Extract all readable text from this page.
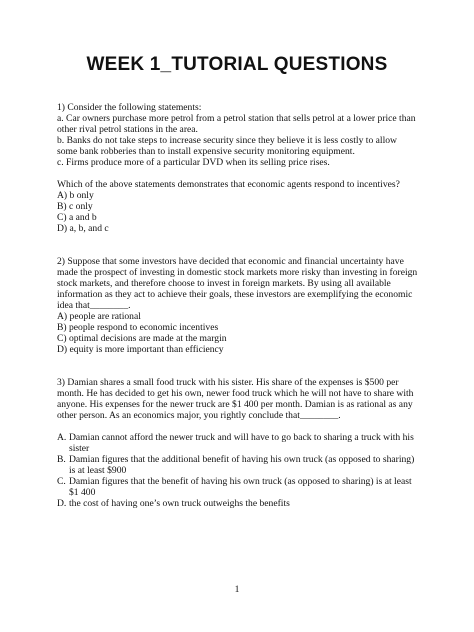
WEEK 1_TUTORIAL QUESTIONS

1) Consider the following statements:

a. Car owners purchase more petrol from a petrol station that sells petrol at a lower price than other rival petrol stations in the area.

b. Banks do not take steps to increase security since they believe it is less costly to allow some bank robberies than to install expensive security monitoring equipment.

c. Firms produce more of a particular DVD when its selling price rises.

Which of the above statements demonstrates that economic agents respond to incentives?

A) b only

B) c only

C) a and b

D) a, b, and c

2) Suppose that some investors have decided that economic and financial uncertainty have made the prospect of investing in domestic stock markets more risky than investing in foreign stock markets, and therefore choose to invest in foreign markets. By using all available information as they act to achieve their goals, these investors are exemplifying the economic idea that________.

A) people are rational

B) people respond to economic incentives

C) optimal decisions are made at the margin

D) equity is more important than efficiency

3) Damian shares a small food truck with his sister. His share of the expenses is $500 per month. He has decided to get his own, newer food truck which he will not have to share with anyone. His expenses for the newer truck are $1 400 per month. Damian is as rational as any other person. As an economics major, you rightly conclude that________.

A. Damian cannot afford the newer truck and will have to go back to sharing a truck with his sister
B. Damian figures that the additional benefit of having his own truck (as opposed to sharing) is at least $900
C. Damian figures that the benefit of having his own truck (as opposed to sharing) is at least $1 400
D. the cost of having one’s own truck outweighs the benefits
1
